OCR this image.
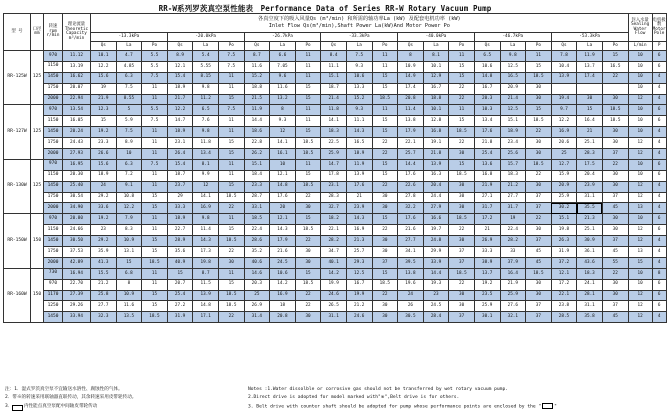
RR-W系列罗茨真空泵性能表　Performance Data of Series RR-W Rotary Vacuum Pump
型 号	口径 mm	转速 rpm r/min	理论流量 Theoretic Capacity m³/min	各真空度下的吸入风量Qs (m³/min) 和所需的轴功率La (kW) 及配套电机功率 (kW)
Inlet Flow Qs(m³/min),Shaft Power La(kW)And Motor Power Po																					封入水量 Sealing Water Flow	电机极数 Motor Pole
				-13.3kPa			-20.0kPa			-26.7kPa			-33.3kPa			-40.0kPa			-46.7kPa			-53.3kPa				
				Qs	La	Po	Qs	La	Po	Qs	La	Po	Qs	La	Po	Qs	La	Po	Qs	La	Po	Qs	La	Po	L/min	P
RR-125W	125	970	11.12	10.1	4.7	5.5	8.9	5.4	7.5	8.7	6.6	11	8.4	7.5	11	8	8.1	11	6.5	9.8	11	7.8	11.9	15	10	6
		1150	13.19	12.2	4.85	5.5	12.1	5.55	7.5	11.6	7.05	11	11.1	9.3	11	10.9	10.1	15	10.6	12.5	15	10.4	13.7	16.5	10	6
		1450	16.62	15.6	6.3	7.5	15.4	8.15	11	15.2	9.6	11	15.1	10.6	15	14.9	12.9	15	14.8	16.5	18.5	13.9	17.4	22	10	4
		1750	20.07	19	7.5	11	18.9	9.8	11	18.8	11.6	15	18.7	13.3	15	17.4	16.7	22	16.7	20.9	30				10	4
		2000	22.94	21.9	8.55	11	21.7	11.2	15	21.5	13.2	15	21.4	15.2	18.5	20.8	18.8	22	20.3	21.4	30	19.4	30	30	12	4
RR-127W	125	970	13.54	12.3	5	5.5	12.2	6.5	7.5	11.9	8	11	11.8	9.3	11	11.4	10.1	11	10.3	12.5	15	9.7	15	18.5	10	6
		1150	16.05	15	5.9	7.5	14.7	7.6	11	14.4	9.3	11	14.1	11.1	15	13.8	12.8	15	13.4	15.1	18.5	12.2	16.4	18.5	10	6
		1450	20.24	19.2	7.5	11	18.9	9.8	11	18.6	12	15	18.3	14.3	15	17.9	16.8	18.5	17.6	18.9	22	16.9	21	30	10	4
		1750	24.43	23.3	8.9	11	23.1	11.8	15	22.8	14.1	18.5	22.5	16.5	22	22.1	19.1	22	21.8	23.4	30	20.6	25.1	30	12	4
		2000	27.93	26.6	10	11	26.4	13.4	15	26.2	16.1	18.5	25.9	18.9	22	25.7	21.8	30	25.4	25.6	30	25	28.3	37	12	4
RR-130W	125	970	16.95	15.6	6.3	7.5	15.4	8.1	11	15.1	10	11	14.7	11.9	15	14.4	13.9	15	13.6	15.7	18.5	12.7	17.5	22	10	6
		1150	20.30	18.9	7.2	11	18.7	9.9	11	18.4	12.1	15	17.8	13.9	15	17.6	16.3	18.5	16.8	18.3	22	15.9	20.4	30	10	6
		1450	25.40	24	9.1	11	23.7	12	15	23.3	14.8	18.5	23.1	17.6	22	22.6	20.4	30	21.9	21.2	30	20.9	23.9	30	12	4
		1750	30.54	29.2	10.8	15	29	14.1	18.5	28.7	17.6	22	28.3	21	30	27.8	24.4	30	27.1	27.7	37	25.9	31.1	37	12	4
		2000	34.90	33.6	12.2	15	33.3	16.9	22	33.1	20	30	32.7	23.9	30	32.2	27.9	30	31.7	31.7	37	30.2	35.5	45	13	4
RR-150W	150	970	20.80	19.2	7.9	11	18.9	9.8	11	18.5	12.1	15	18.2	14.3	15	17.6	16.6	18.5	17.2	19	22	15.1	21.3	30	10	6
		1150	24.66	23	8.3	11	22.7	11.4	15	22.4	14.3	18.5	22.1	16.9	22	21.6	19.7	22	21	22.4	30	19.8	25.1	30	12	6
		1450	30.50	29.2	10.9	15	28.9	14.3	18.5	28.6	17.9	22	28.2	21.3	30	27.7	24.8	30	26.9	28.2	37	26.3	30.9	37	12	4
		1750	37.53	35.9	13.1	15	35.6	17.3	22	35.2	21.6	30	34.7	25.7	30	34.1	29.9	37	33.3	33	45	31.9	36.1	45	13	4
		2000	42.89	41.3	15	18.5	40.9	19.8	30	40.6	24.5	30	40.1	29.3	37	39.5	33.9	37	38.9	37.9	45	37.2	43.6	55	15	4
RR-160W	150	730	16.94	15.5	6.8	11	15	8.7	11	14.6	10.6	15	14.2	12.5	15	13.8	14.4	18.5	13.7	16.4	18.5	12.1	18.3	22	10	8
		970	22.70	21.2	8	11	20.7	11.5	15	20.3	14.2	18.5	19.9	16.7	18.5	19.6	19.3	22	19.2	21.9	30	17.2	24.1	30	10	6
		1170	27.39	25.8	10.9	15	25.4	13.9	18.5	25	16.9	22	24.6	19.9	22	24	23	30	23.5	25.9	30	22.1	28.1	30	12	6
		1250	29.26	27.7	11.6	15	27.2	14.8	18.5	26.9	18	22	26.5	21.2	30	26	24.5	30	25.9	27.6	37	23.8	31.1	37	12	6
		1450	33.94	32.3	13.5	18.5	31.9	17.1	22	31.4	20.8	30	31.1	24.6	30	30.5	28.4	37	30.1	32.1	37	28.5	35.8	45	12	4
注：1．湿式罗茨真空泵不宜输送水溶性、腐蚀性的气体。
2．带※的转速采用联轴器直联传动，其余转速采用皮带轮传动。
3．　　　内性能点真空泵配中间轴皮带轮传动
Notes :1.Water dissolble or corrosive gas should not be transferred by wet rotary vacuum pump.
2.Direct drive is adopted for model marked with"※",Belt drive is for others.
3. Belt drive with counter shaft should be adopted for pump whose performance points are enclosed by the "	"
